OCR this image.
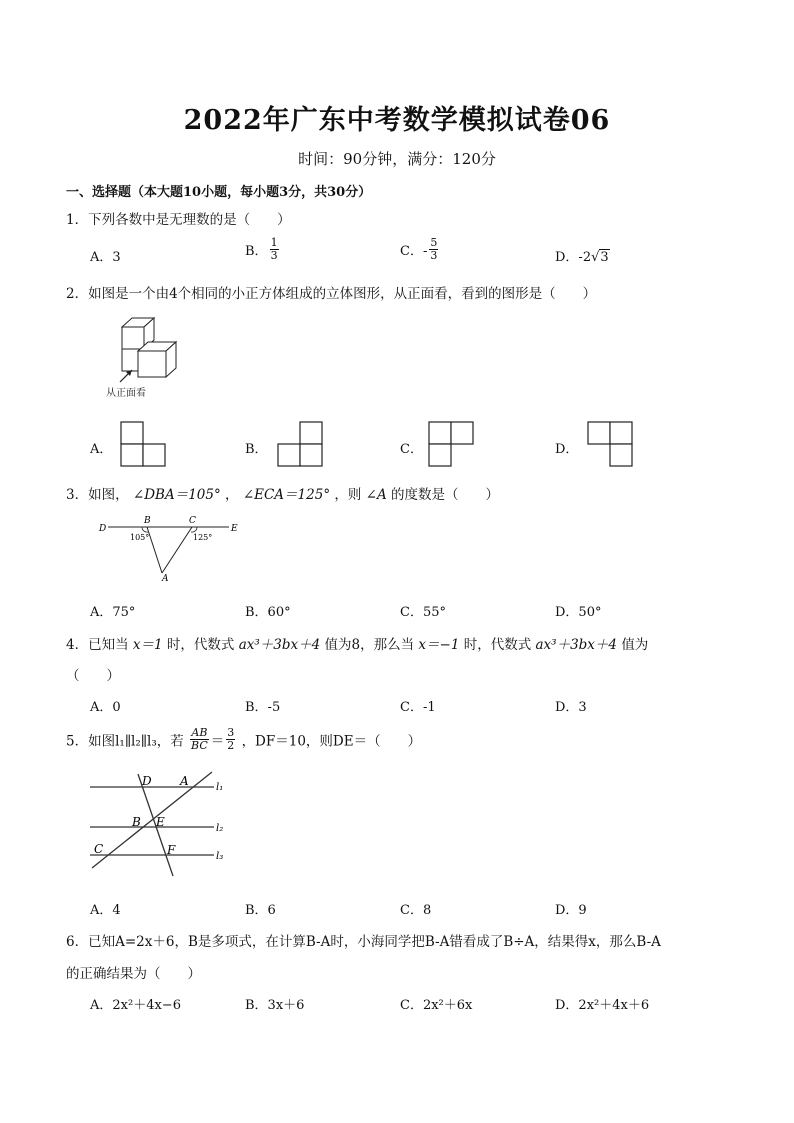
2022年广东中考数学模拟试卷06
时间：90分钟，满分：120分
一、选择题（本大题10小题，每小题3分，共30分）
1．下列各数中是无理数的是（　　）
A．3	B． $\frac{1}{3}$	C．- $\frac{5}{3}$	D．-2√3
2．如图是一个由4个相同的小正方体组成的立体图形，从正面看，看到的图形是（　　）
从正面看
A．	B．	C．	D．
3．如图， ∠DBA＝105° ， ∠ECA＝125° ，则 ∠A 的度数是（　　）
D
B	C
E
A
105°	125°
A．75°	B．60°	C．55°	D．50°
4．已知当 x＝1 时，代数式 ax³＋3bx＋4 值为8，那么当 x＝−1 时，代数式 ax³＋3bx＋4 值为
（　　）
A．0	B．-5	C．-1	D．3
5．如图l₁∥l₂∥l₃，若 $\frac{AB}{BC} = \frac{3}{2}$ ，DF＝10，则DE＝（　　）
D A
B E
C	F
l₁
l₂
l₃
A．4	B．6	C．8	D．9
6．已知A=2x＋6，B是多项式，在计算B-A时，小海同学把B-A错看成了B÷A，结果得x，那么B-A
的正确结果为（　　）
A．2x²＋4x−6	B．3x＋6	C．2x²＋6x	D．2x²＋4x＋6
